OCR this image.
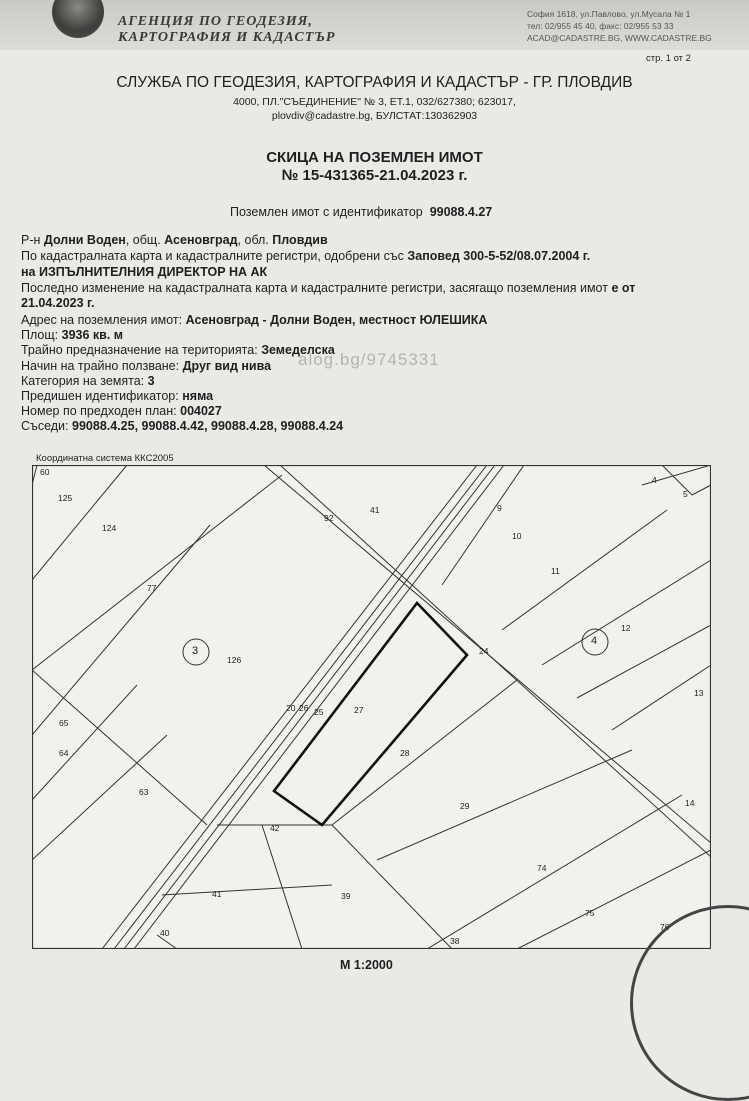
АГЕНЦИЯ ПО ГЕОДЕЗИЯ,
КАРТОГРАФИЯ И КАДАСТЪР
София 1618, ул.Павлово, ул.Мусала № 1
тел: 02/955 45 40, факс: 02/955 53 33
ACAD@CADASTRE.BG, WWW.CADASTRE.BG
стр. 1 от 2
СЛУЖБА ПО ГЕОДЕЗИЯ, КАРТОГРАФИЯ И КАДАСТЪР - ГР. ПЛОВДИВ
4000, ПЛ."СЪЕДИНЕНИЕ" № 3, ЕТ.1, 032/627380; 623017,
plovdiv@cadastre.bg, БУЛСТАТ:130362903
СКИЦА НА ПОЗЕМЛЕН ИМОТ
№ 15-431365-21.04.2023 г.
Поземлен имот с идентификатор 99088.4.27
Р-н Долни Воден, общ. Асеновград, обл. Пловдив
По кадастралната карта и кадастралните регистри, одобрени със Заповед 300-5-52/08.07.2004 г.
на ИЗПЪЛНИТЕЛНИЯ ДИРЕКТОР НА АК
Последно изменение на кадастралната карта и кадастралните регистри, засягащо поземления имот е от
21.04.2023 г.
Адрес на поземления имот: Асеновград - Долни Воден, местност ЮЛЕШИКА
Площ: 3936 кв. м
Трайно предназначение на територията: Земеделска
Начин на трайно ползване: Друг вид нива
Категория на земята: 3
Предишен идентификатор: няма
Номер по предходен план: 004027
Съседи: 99088.4.25, 99088.4.42, 99088.4.28, 99088.4.24
alog.bg/9745331
Координатна система ККС2005
3
4
60
125
124
77
126
65
64
63
92
41	9
10
11
12
4
5
13
14
24
27
28
20 26 25
29
42
41	39
40
74
75
76
38
М 1:2000
